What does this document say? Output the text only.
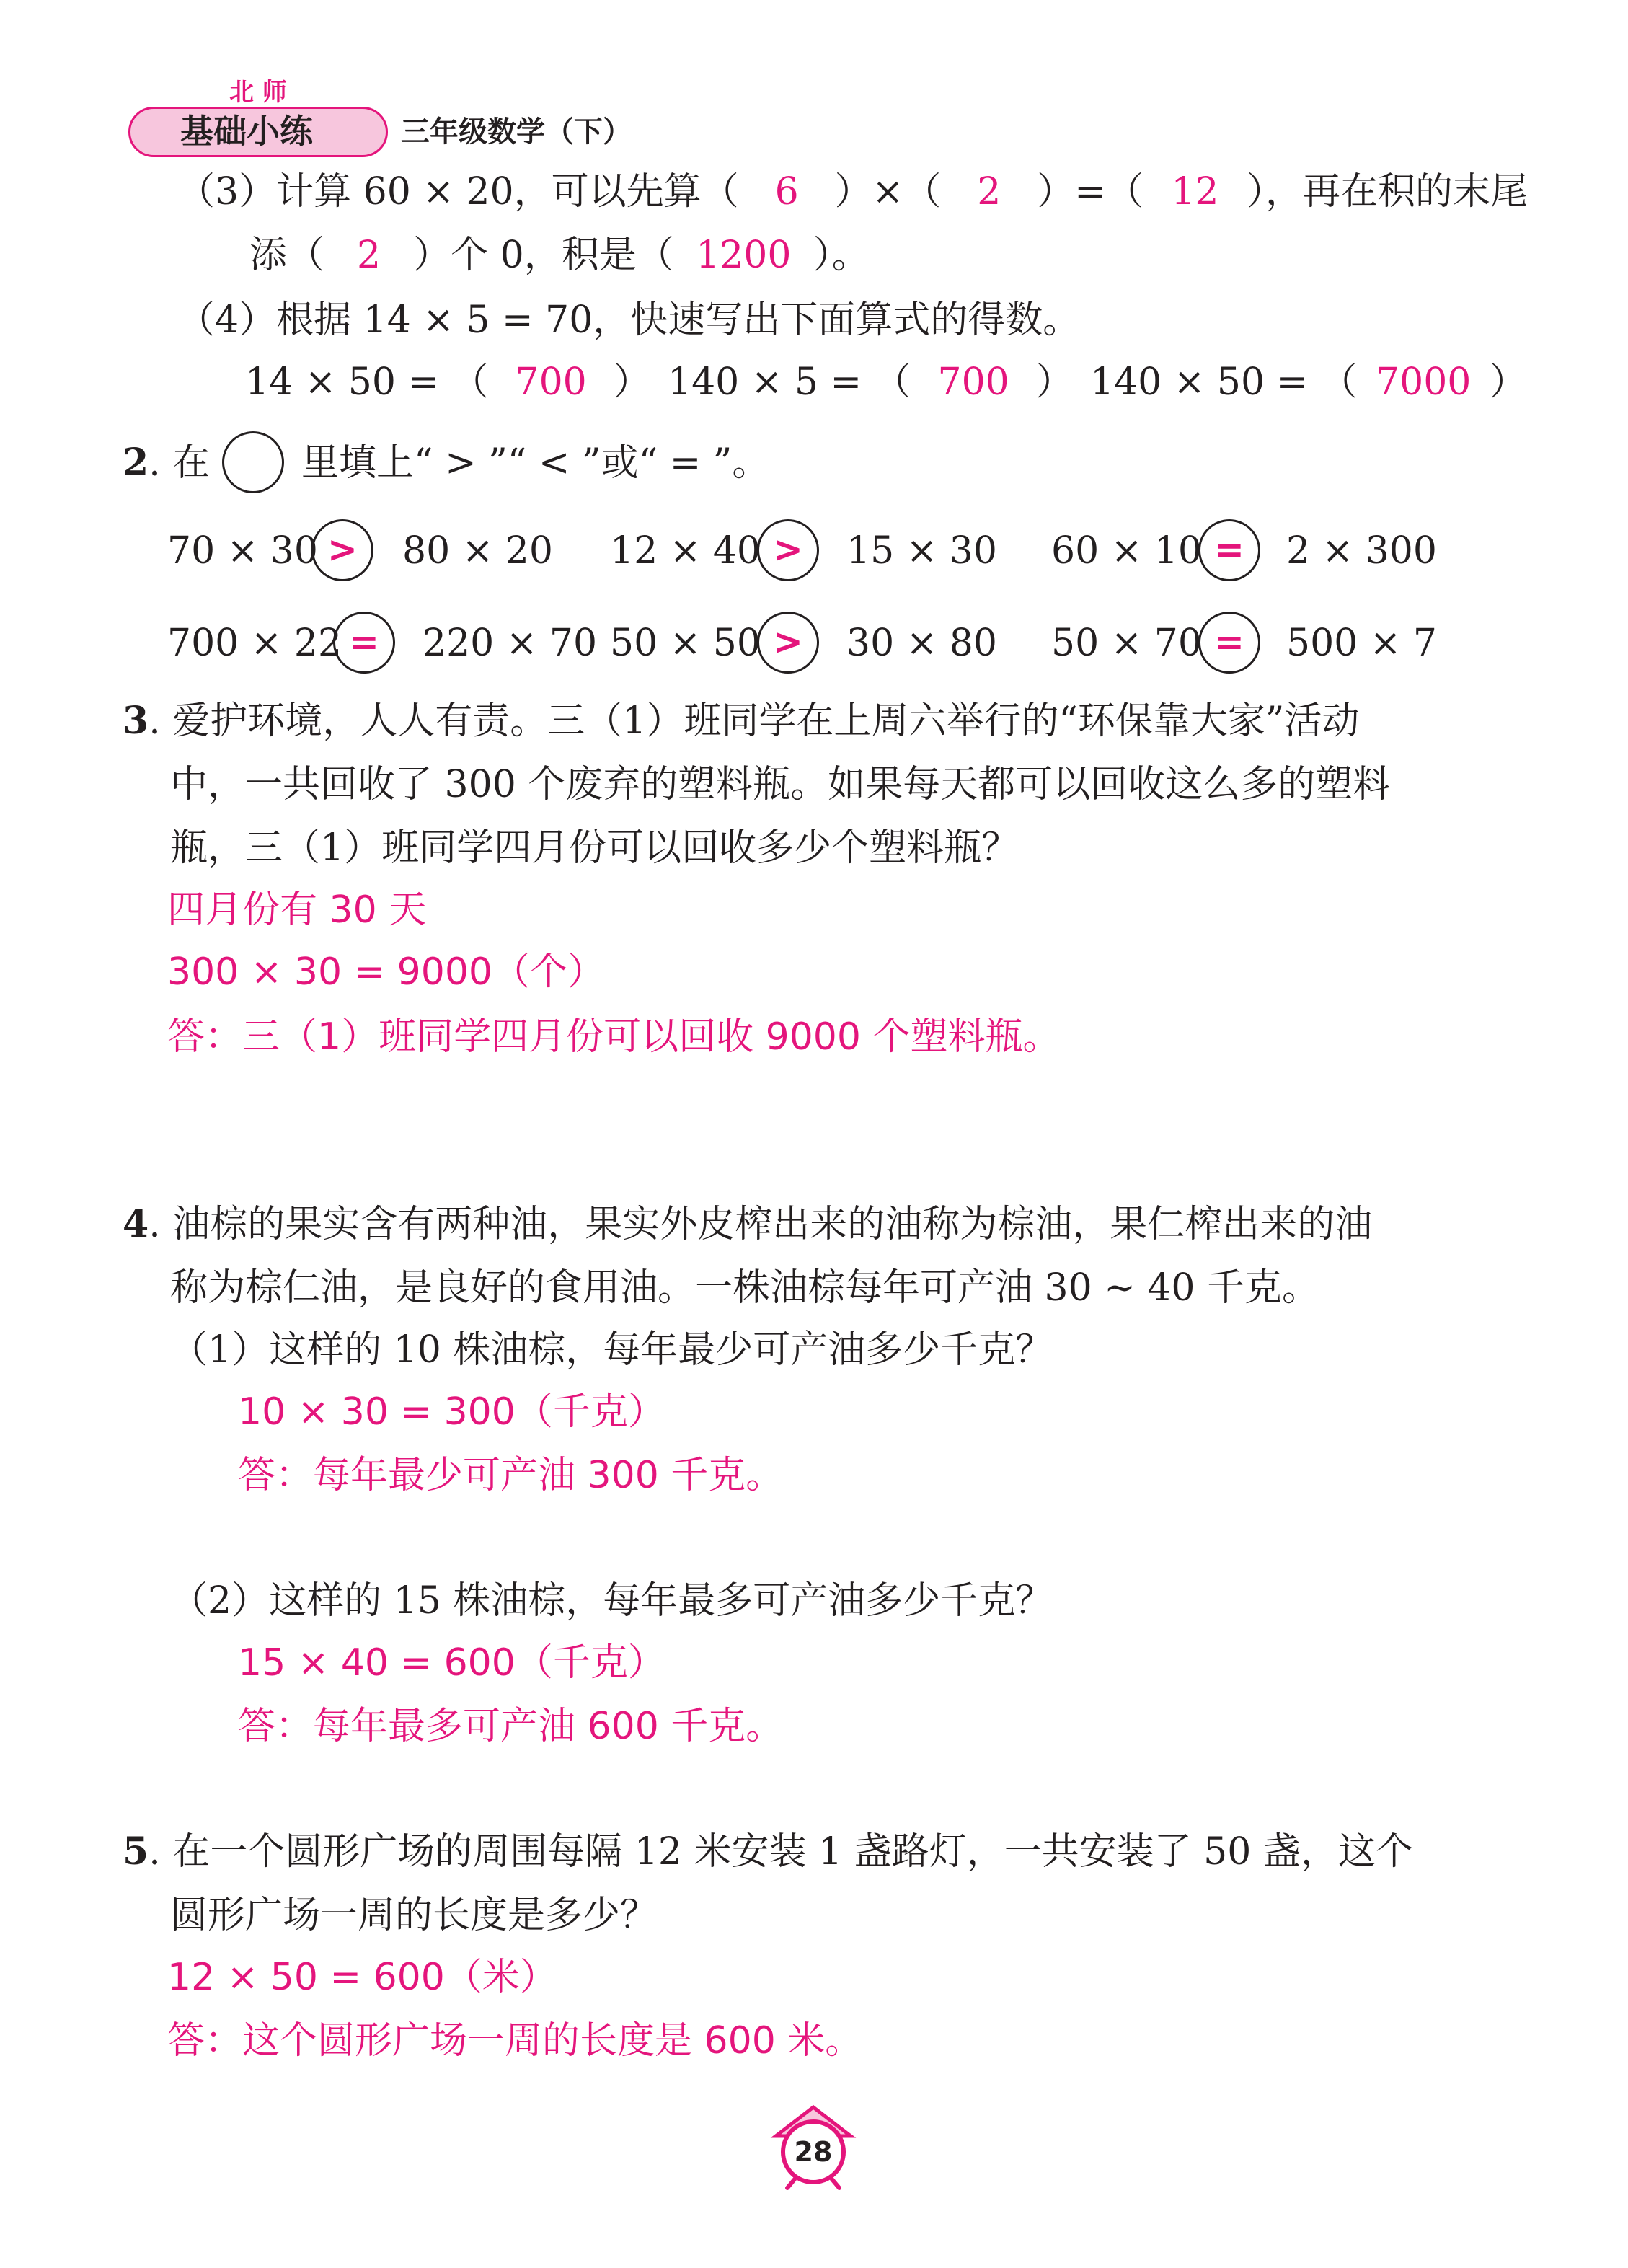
北 师
基础小练	三年级数学（下）
（3）计算 60 × 20，可以先算（ 6 ）×（ 2 ）=（ 12 ），再在积的末尾
添（ 2 ）个 0，积是（ 1200 ）。
（4）根据 14 × 5 = 70，快速写出下面算式的得数。
14 × 50 = （ 700 ） 140 × 5 = （ 700 ） 140 × 50 = （ 7000 ）
2. 在 里填上“ > ”“ < ”或“ = ”。
70 × 30 >	80 × 20 12 × 40 >	15 × 30 60 × 10 =	2 × 300
700 × 22 =	220 × 70 50 × 50 >	30 × 80 50 × 70 =	500 × 7
3. 爱护环境，人人有责。三（1）班同学在上周六举行的“环保靠大家”活动
中，一共回收了 300 个废弃的塑料瓶。如果每天都可以回收这么多的塑料
瓶，三（1）班同学四月份可以回收多少个塑料瓶？
四月份有 30 天
300 × 30 = 9000（个）
答：三（1）班同学四月份可以回收 9000 个塑料瓶。
4. 油棕的果实含有两种油，果实外皮榨出来的油称为棕油，果仁榨出来的油
称为棕仁油，是良好的食用油。一株油棕每年可产油 30 ~ 40 千克。
（1）这样的 10 株油棕，每年最少可产油多少千克？
10 × 30 = 300（千克）
答：每年最少可产油 300 千克。
（2）这样的 15 株油棕，每年最多可产油多少千克？
15 × 40 = 600（千克）
答：每年最多可产油 600 千克。
5. 在一个圆形广场的周围每隔 12 米安装 1 盏路灯，一共安装了 50 盏，这个
圆形广场一周的长度是多少？
12 × 50 = 600（米）
答：这个圆形广场一周的长度是 600 米。
28
